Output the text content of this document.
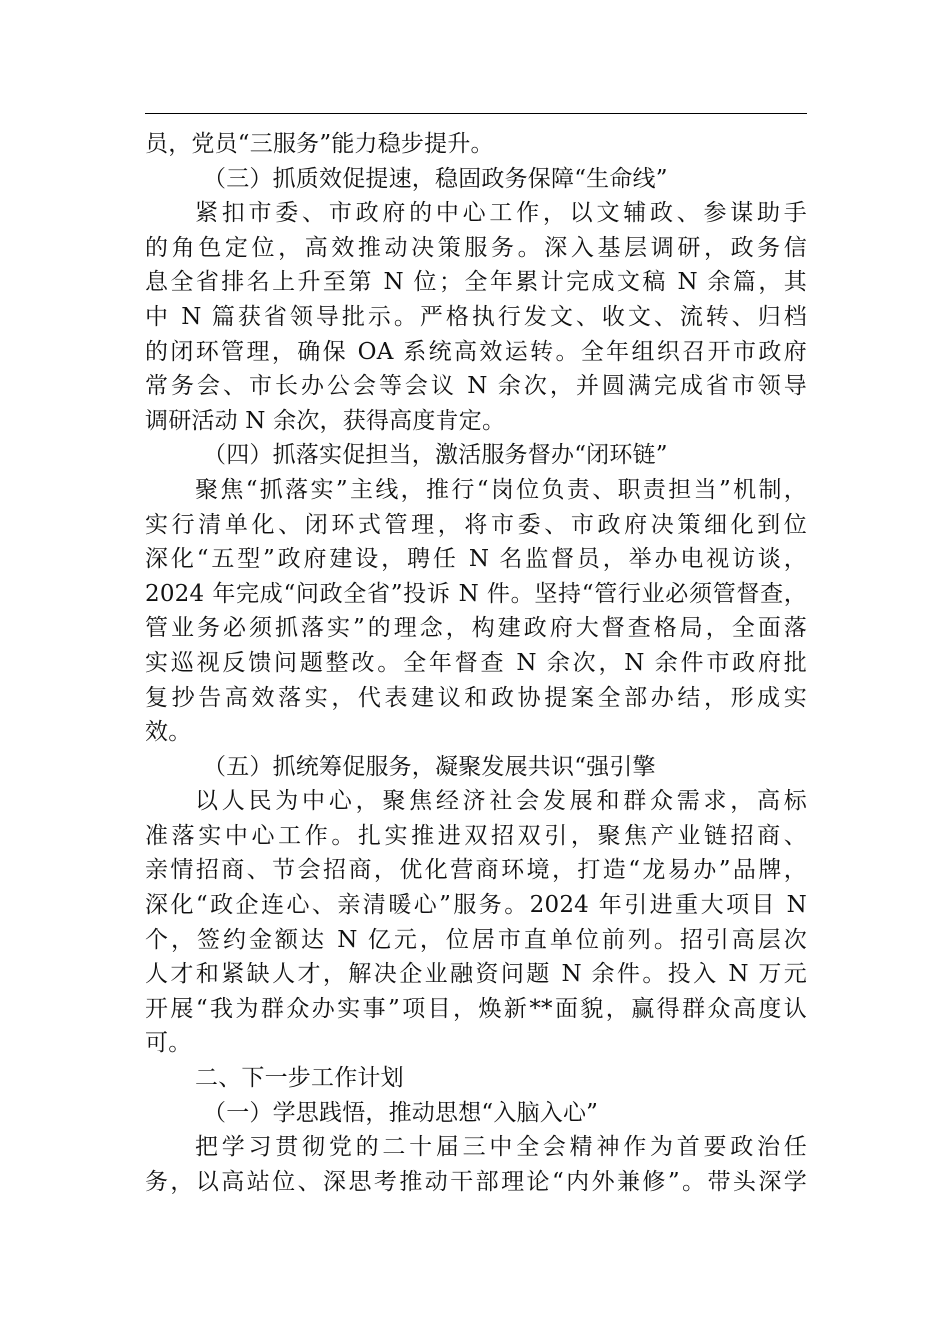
员，党员“三服务”能力稳步提升。
（三）抓质效促提速，稳固政务保障“生命线”
紧扣市委、市政府的中心工作，以文辅政、参谋助手
的角色定位，高效推动决策服务。深入基层调研，政务信
息全省排名上升至第 N 位；全年累计完成文稿 N 余篇，其
中 N 篇获省领导批示。严格执行发文、收文、流转、归档
的闭环管理，确保 OA 系统高效运转。全年组织召开市政府
常务会、市长办公会等会议 N 余次，并圆满完成省市领导
调研活动 N 余次，获得高度肯定。
（四）抓落实促担当，激活服务督办“闭环链”
聚焦“抓落实”主线，推行“岗位负责、职责担当”机制，
实行清单化、闭环式管理，将市委、市政府决策细化到位
深化“五型”政府建设，聘任 N 名监督员，举办电视访谈，
2024 年完成“问政全省”投诉 N 件。坚持“管行业必须管督查，
管业务必须抓落实”的理念，构建政府大督查格局，全面落
实巡视反馈问题整改。全年督查 N 余次，N 余件市政府批
复抄告高效落实，代表建议和政协提案全部办结，形成实
效。
（五）抓统筹促服务，凝聚发展共识“强引擎
以人民为中心，聚焦经济社会发展和群众需求，高标
准落实中心工作。扎实推进双招双引，聚焦产业链招商、
亲情招商、节会招商，优化营商环境，打造“龙易办”品牌，
深化“政企连心、亲清暖心”服务。2024 年引进重大项目 N
个，签约金额达 N 亿元，位居市直单位前列。招引高层次
人才和紧缺人才，解决企业融资问题 N 余件。投入 N 万元
开展“我为群众办实事”项目，焕新**面貌，赢得群众高度认
可。
二、下一步工作计划
（一）学思践悟，推动思想“入脑入心”
把学习贯彻党的二十届三中全会精神作为首要政治任
务，以高站位、深思考推动干部理论“内外兼修”。带头深学
